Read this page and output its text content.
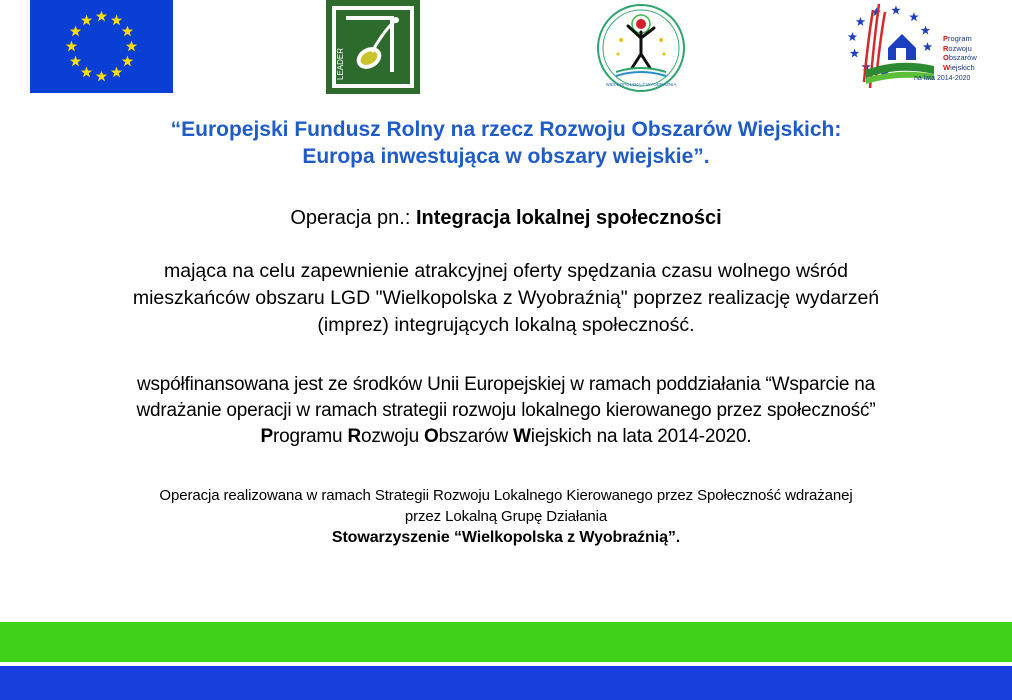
LEADER
WIELKOPOLSKA Z WYOBRAŹNIĄ
Program
Rozwoju
Obszarów
Wiejskich
na lata 2014-2020
“Europejski Fundusz Rolny na rzecz Rozwoju Obszarów Wiejskich:
Europa inwestująca w obszary wiejskie”.
Operacja pn.: Integracja lokalnej społeczności
mająca na celu zapewnienie atrakcyjnej oferty spędzania czasu wolnego wśród
mieszkańców obszaru LGD "Wielkopolska z Wyobraźnią" poprzez realizację wydarzeń
(imprez) integrujących lokalną społeczność.
współfinansowana jest ze środków Unii Europejskiej w ramach poddziałania “Wsparcie na
wdrażanie operacji w ramach strategii rozwoju lokalnego kierowanego przez społeczność”
Programu Rozwoju Obszarów Wiejskich na lata 2014-2020.
Operacja realizowana w ramach Strategii Rozwoju Lokalnego Kierowanego przez Społeczność wdrażanej
przez Lokalną Grupę Działania
Stowarzyszenie “Wielkopolska z Wyobraźnią”.
